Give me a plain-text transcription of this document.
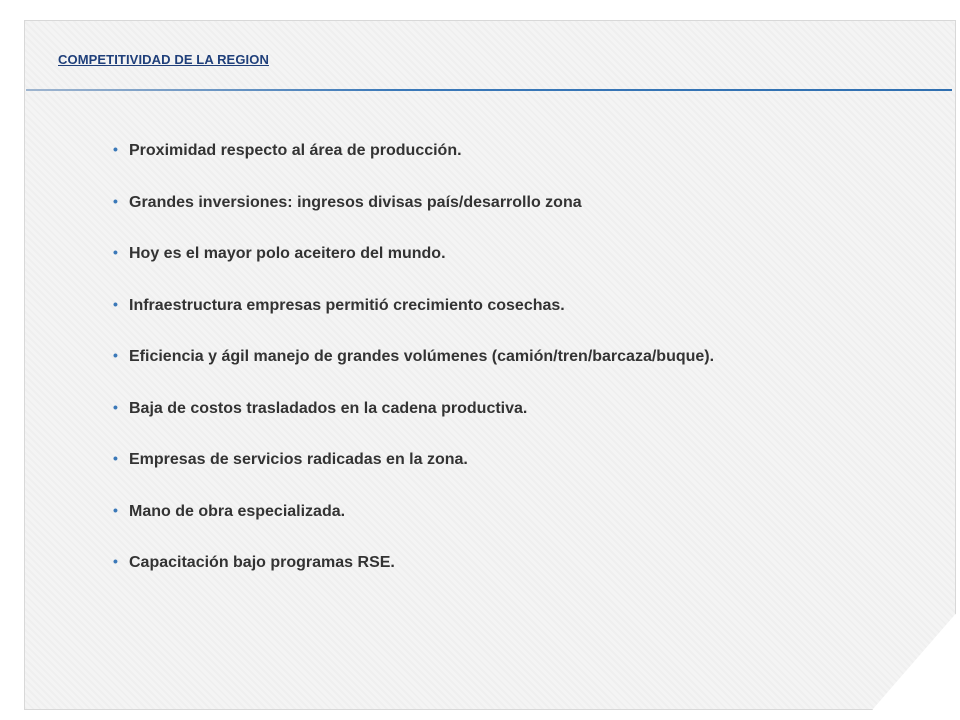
COMPETITIVIDAD DE LA REGION
• Proximidad respecto al área de producción.
• Grandes inversiones: ingresos divisas país/desarrollo zona
• Hoy es el mayor polo aceitero del mundo.
• Infraestructura empresas permitió crecimiento cosechas.
• Eficiencia y ágil manejo de grandes volúmenes (camión/tren/barcaza/buque).
• Baja de costos trasladados en la cadena productiva.
• Empresas de servicios radicadas en la zona.
• Mano de obra especializada.
• Capacitación bajo programas RSE.
